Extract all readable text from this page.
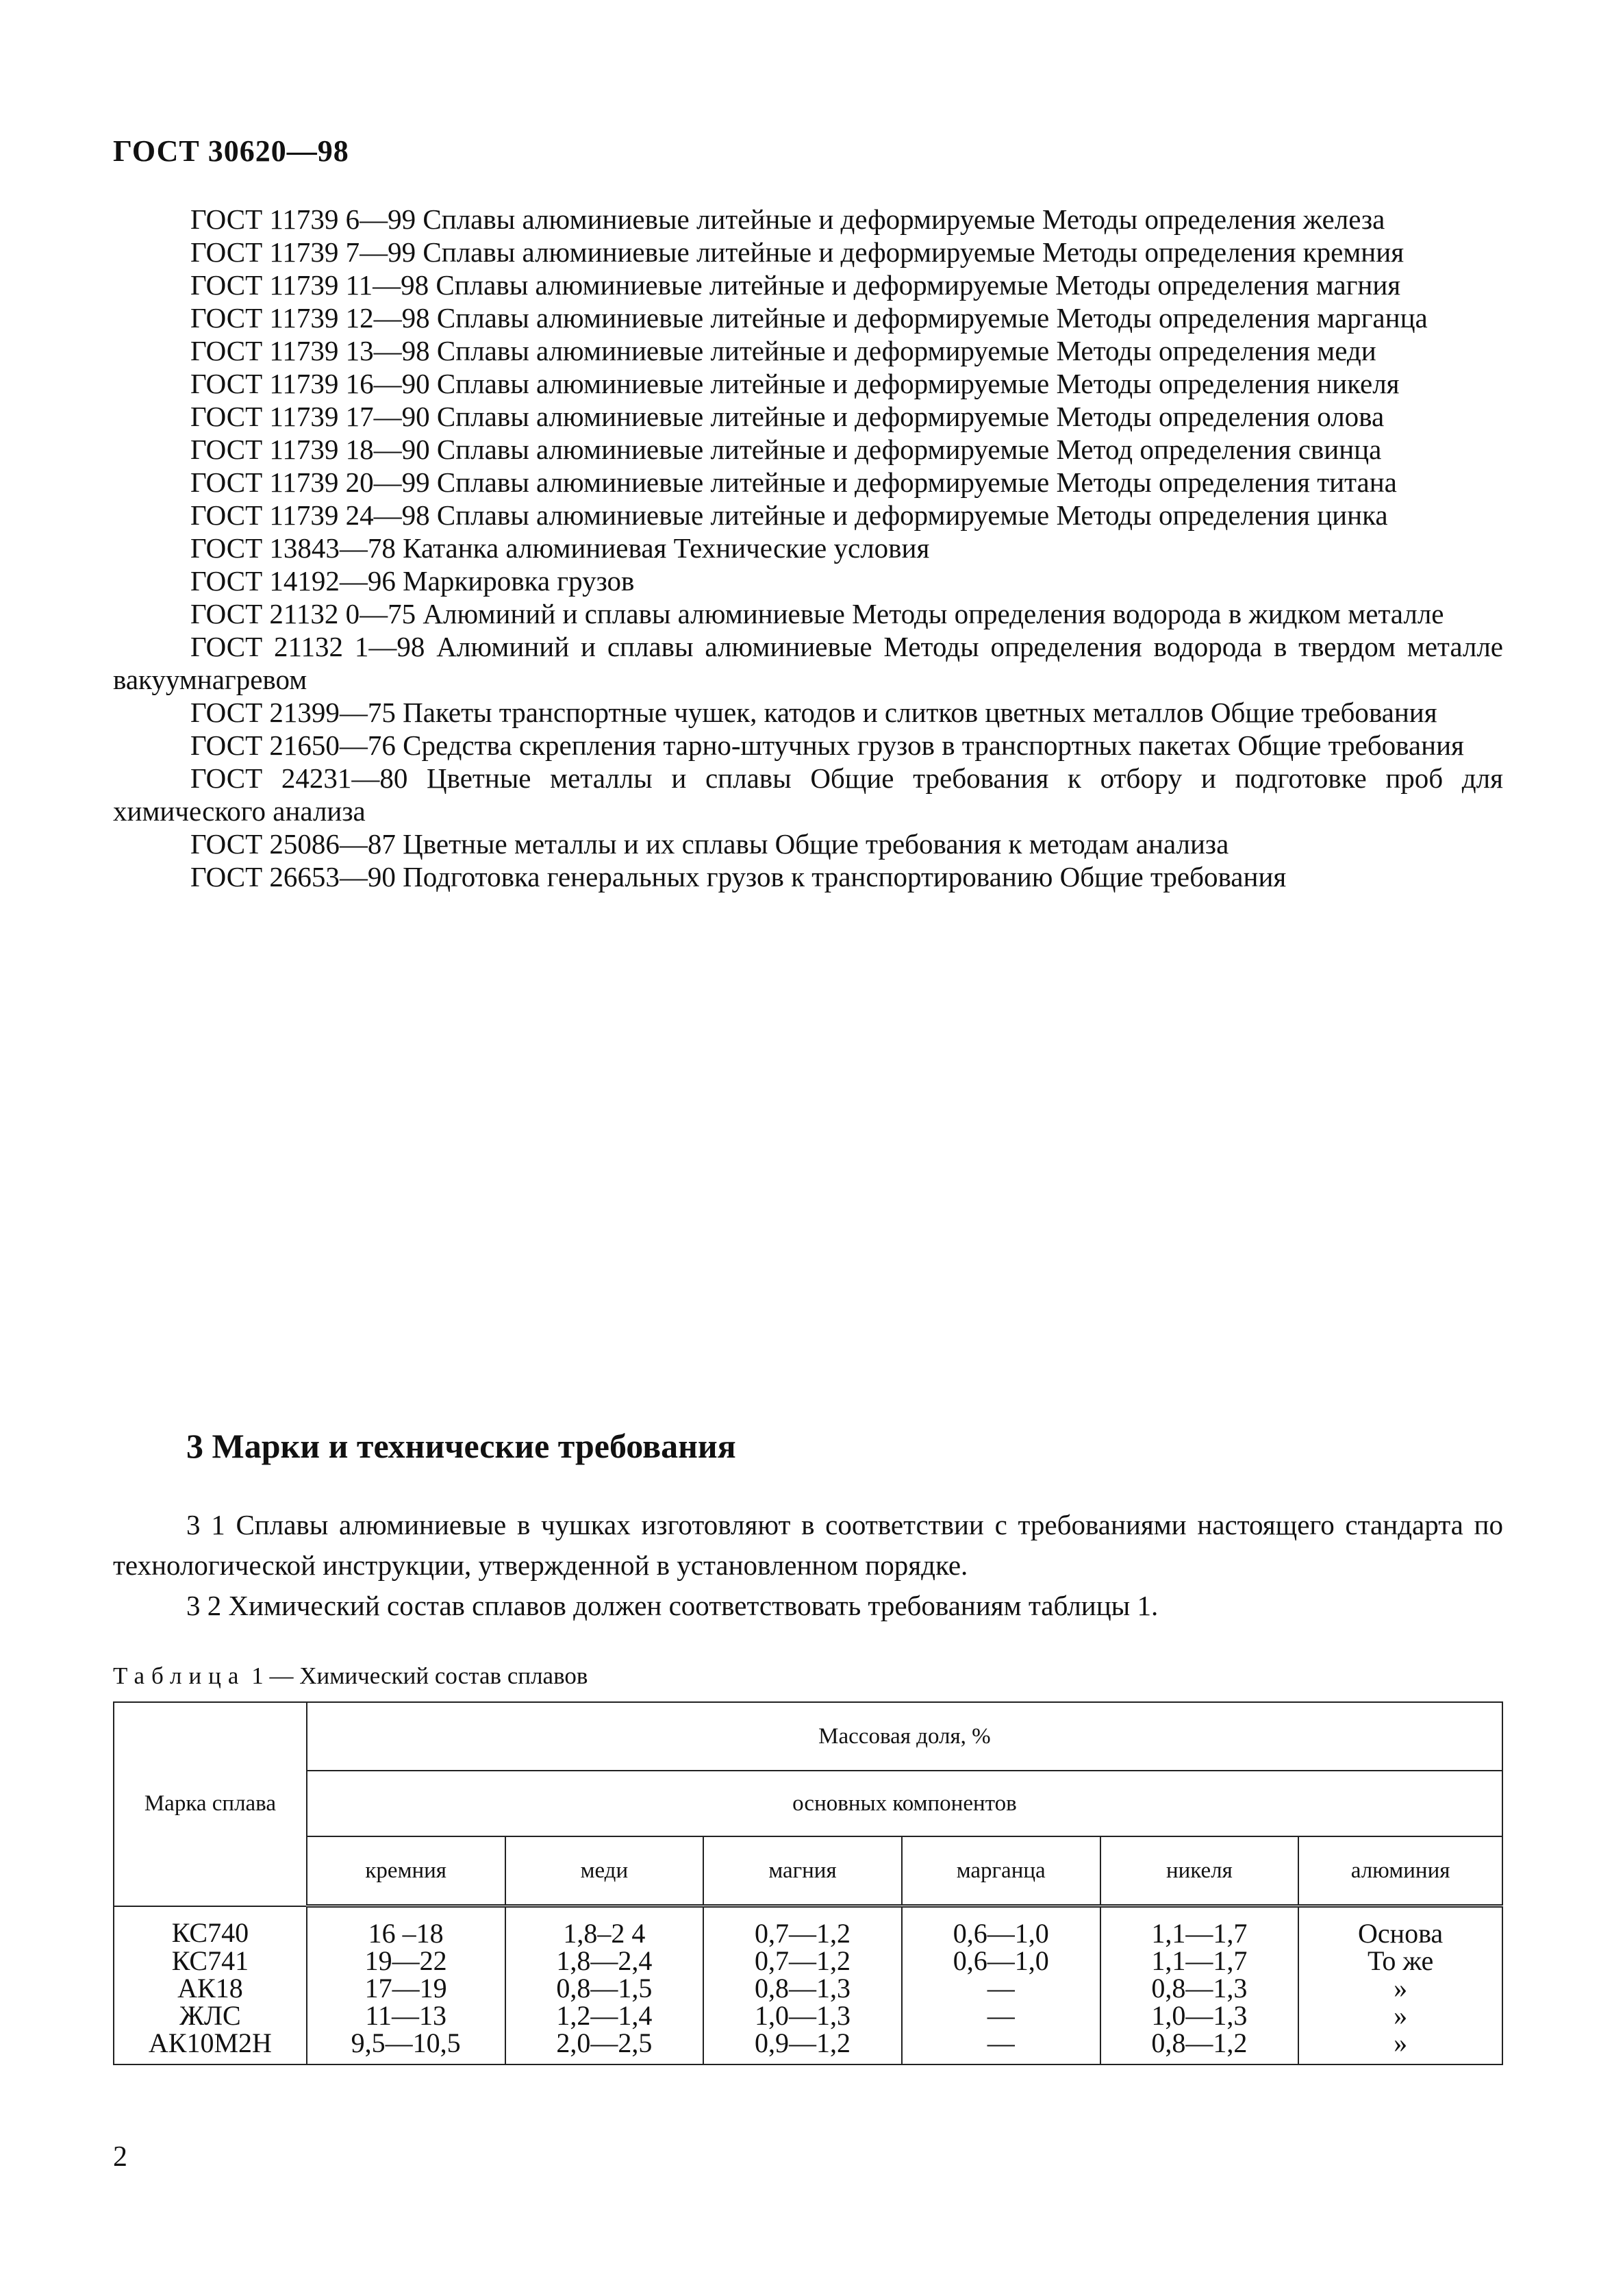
ГОСТ 30620—98

ГОСТ 11739 6—99 Сплавы алюминиевые литейные и деформируемые Методы определения железа

ГОСТ 11739 7—99 Сплавы алюминиевые литейные и деформируемые Методы определения кремния

ГОСТ 11739 11—98 Сплавы алюминиевые литейные и деформируемые Методы определения магния

ГОСТ 11739 12—98 Сплавы алюминиевые литейные и деформируемые Методы определения марганца

ГОСТ 11739 13—98 Сплавы алюминиевые литейные и деформируемые Методы определения меди

ГОСТ 11739 16—90 Сплавы алюминиевые литейные и деформируемые Методы определения никеля

ГОСТ 11739 17—90 Сплавы алюминиевые литейные и деформируемые Методы определения олова

ГОСТ 11739 18—90 Сплавы алюминиевые литейные и деформируемые Метод определения свинца

ГОСТ 11739 20—99 Сплавы алюминиевые литейные и деформируемые Методы определения титана

ГОСТ 11739 24—98 Сплавы алюминиевые литейные и деформируемые Методы определения цинка

ГОСТ 13843—78 Катанка алюминиевая Технические условия

ГОСТ 14192—96 Маркировка грузов

ГОСТ 21132 0—75 Алюминий и сплавы алюминиевые Методы определения водорода в жидком металле

ГОСТ 21132 1—98 Алюминий и сплавы алюминиевые Методы определения водорода в твердом металле вакуумнагревом

ГОСТ 21399—75 Пакеты транспортные чушек, катодов и слитков цветных металлов Общие требования

ГОСТ 21650—76 Средства скрепления тарно-штучных грузов в транспортных пакетах Общие требования

ГОСТ 24231—80 Цветные металлы и сплавы Общие требования к отбору и подготовке проб для химического анализа

ГОСТ 25086—87 Цветные металлы и их сплавы Общие требования к методам анализа

ГОСТ 26653—90 Подготовка генеральных грузов к транспортированию Общие требования

3 Марки и технические требования

3 1 Сплавы алюминиевые в чушках изготовляют в соответствии с требованиями настоящего стандарта по технологической инструкции, утвержденной в установленном порядке.

3 2 Химический состав сплавов должен соответствовать требованиям таблицы 1.

Таблица 1 — Химический состав сплавов
Марка сплава	Массовая доля, %					
	основных компонентов					
	кремния	меди	магния	марганца	никеля	алюминия
КС740	16 –18	1,8–2 4	0,7—1,2	0,6—1,0	1,1—1,7	Основа
КС741	19—22	1,8—2,4	0,7—1,2	0,6—1,0	1,1—1,7	То же
АК18	17—19	0,8—1,5	0,8—1,3	—	0,8—1,3	»
ЖЛС	11—13	1,2—1,4	1,0—1,3	—	1,0—1,3	»
АК10М2Н	9,5—10,5	2,0—2,5	0,9—1,2	—	0,8—1,2	»
2
